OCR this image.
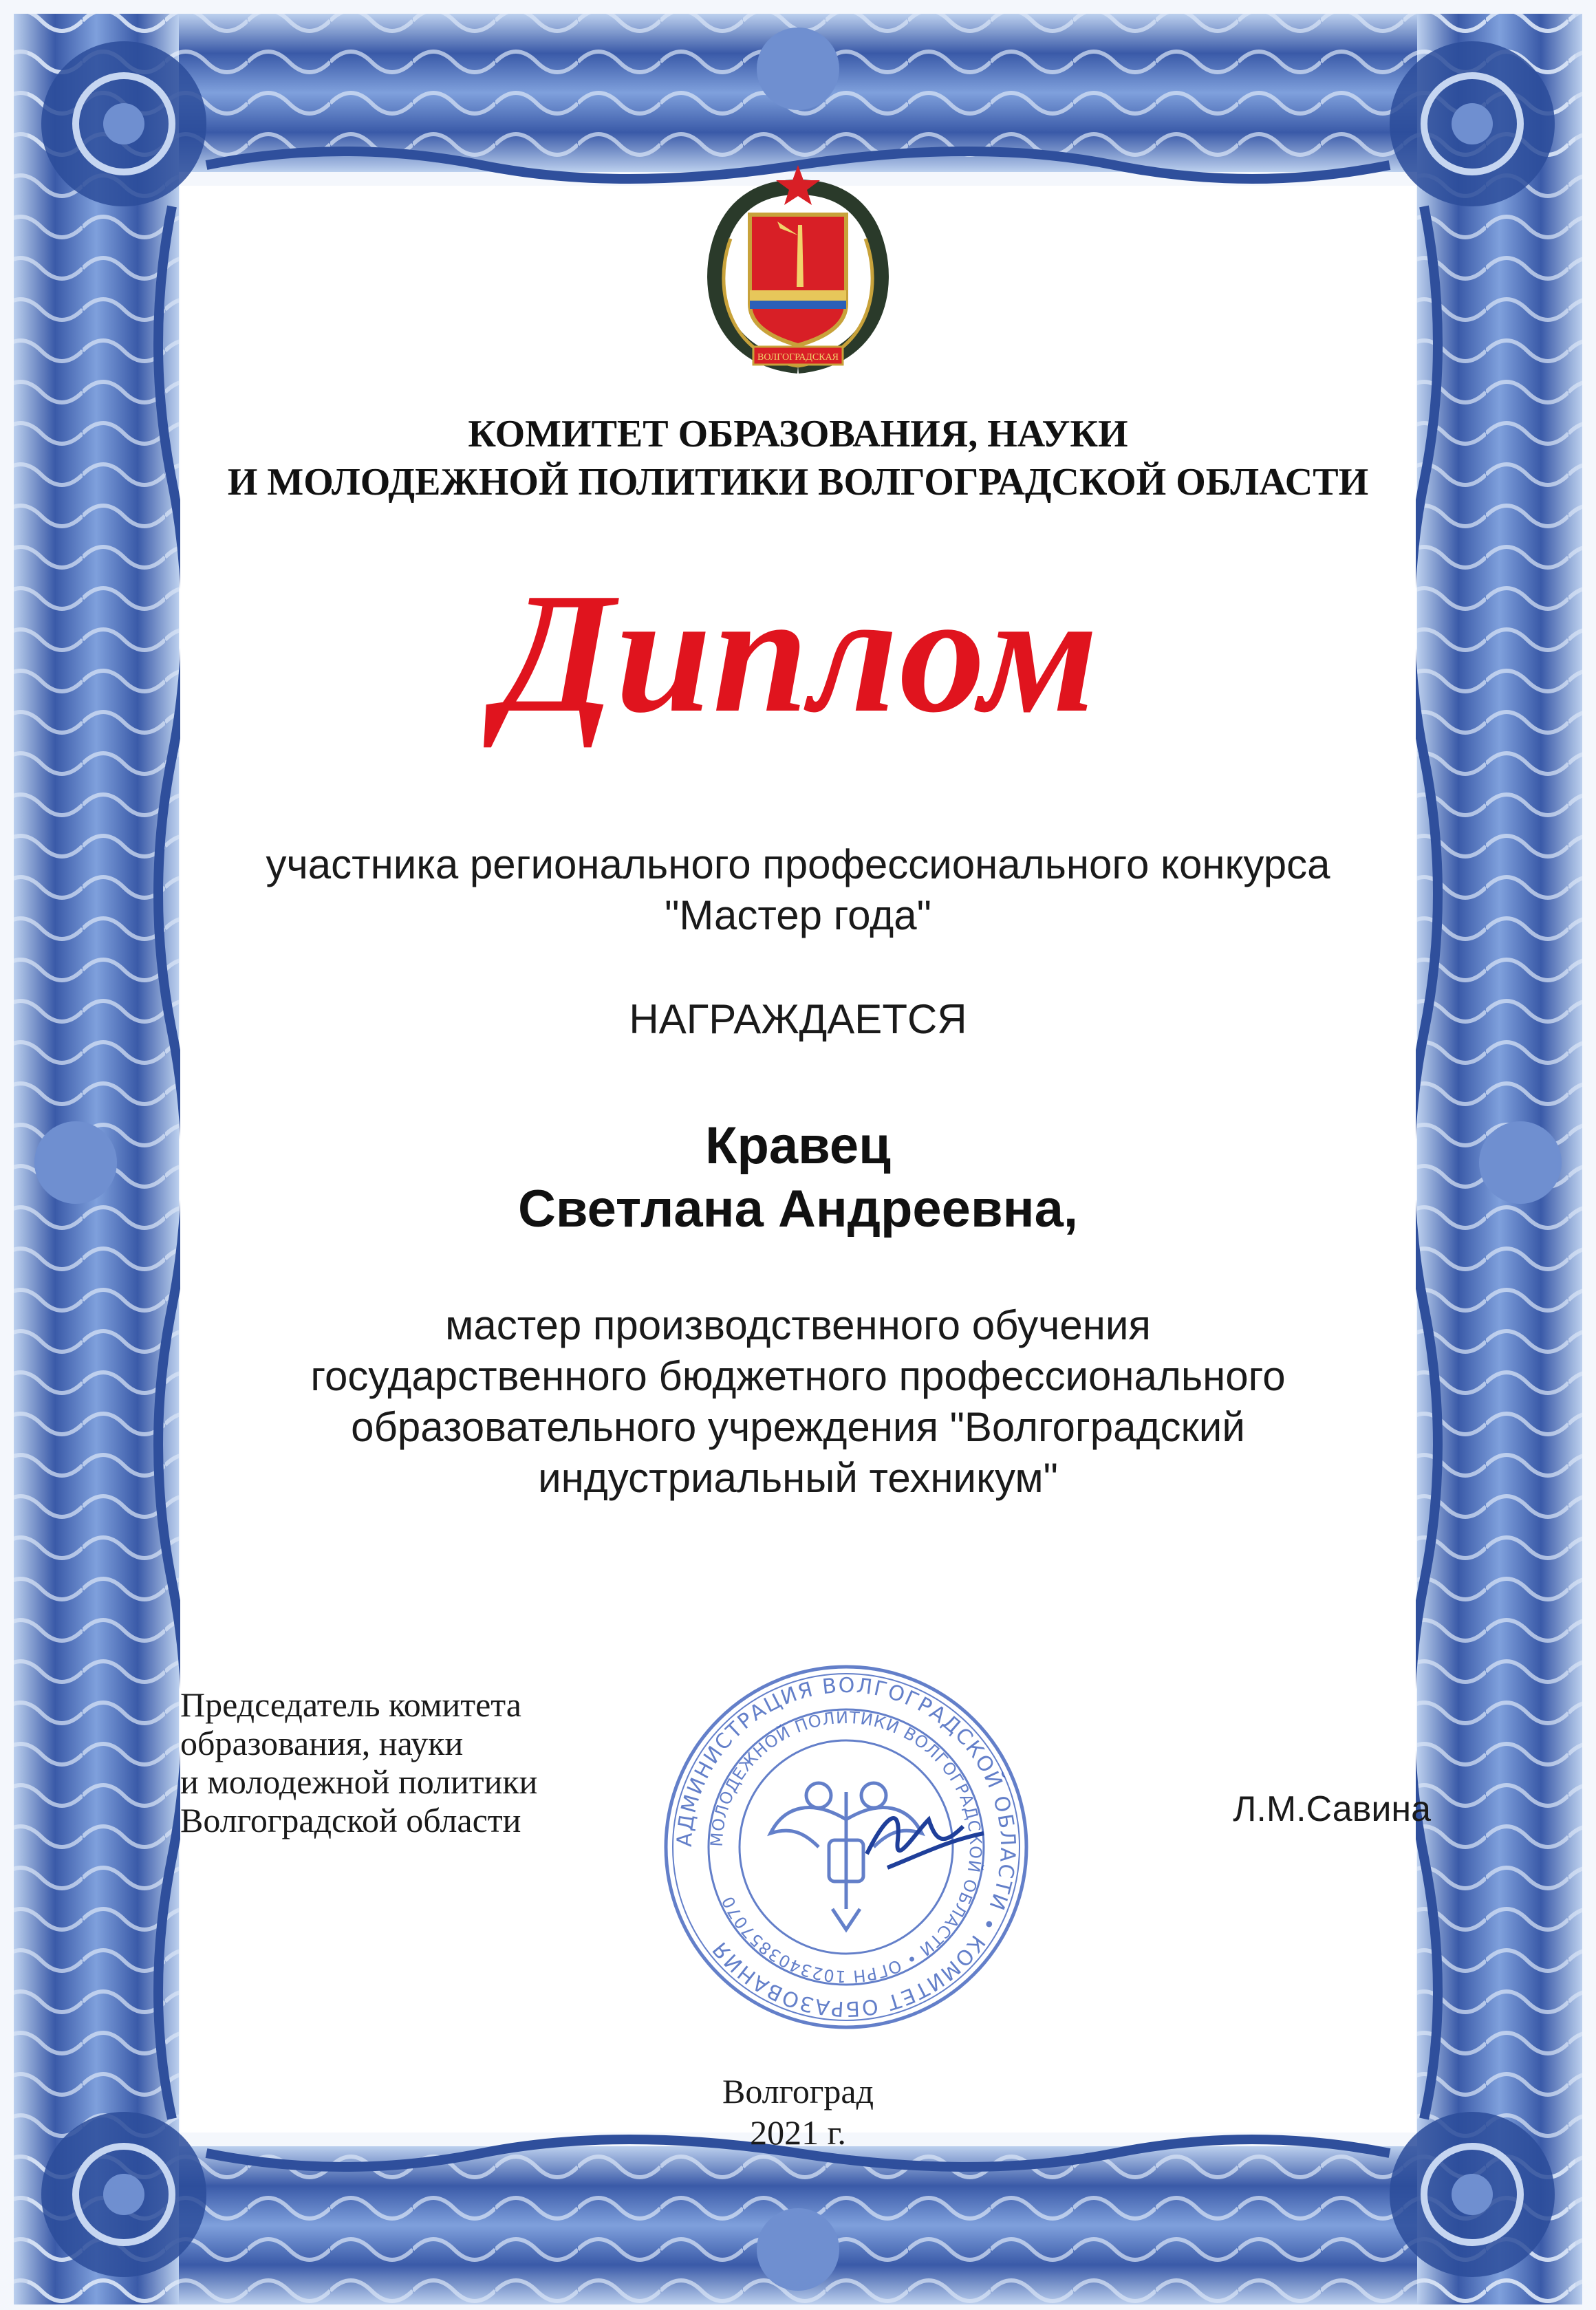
ВОЛГОГРАДСКАЯ
КОМИТЕТ ОБРАЗОВАНИЯ, НАУКИ
И МОЛОДЕЖНОЙ ПОЛИТИКИ ВОЛГОГРАДСКОЙ ОБЛАСТИ
Диплом
участника регионального профессионального конкурса
"Мастер года"
НАГРАЖДАЕТСЯ
Кравец
Светлана Андреевна,
мастер производственного обучения
государственного бюджетного профессионального
образовательного учреждения "Волгоградский
индустриальный техникум"
Председатель комитета
образования, науки
и молодежной политики
Волгоградской области	АДМИНИСТРАЦИЯ ВОЛГОГРАДСКОЙ ОБЛАСТИ • КОМИТЕТ ОБРАЗОВАНИЯ
МОЛОДЕЖНОЙ ПОЛИТИКИ ВОЛГОГРАДСКОЙ ОБЛАСТИ • ОГРН 1023403857070
Л.М.Савина
Волгоград
2021 г.
